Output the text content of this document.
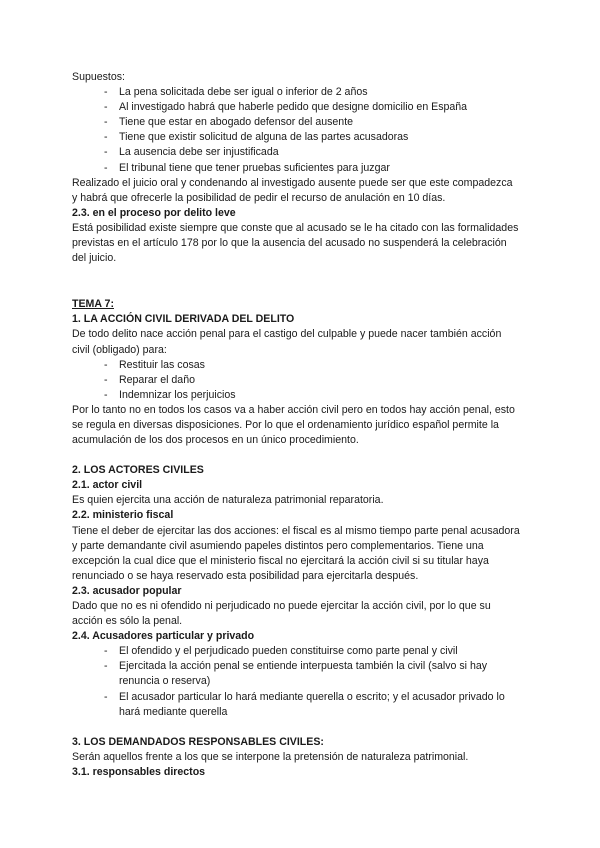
Supuestos:

- La pena solicitada debe ser igual o inferior de 2 años
- Al investigado habrá que haberle pedido que designe domicilio en España
- Tiene que estar en abogado defensor del ausente
- Tiene que existir solicitud de alguna de las partes acusadoras
- La ausencia debe ser injustificada
- El tribunal tiene que tener pruebas suficientes para juzgar

Realizado el juicio oral y condenando al investigado ausente puede ser que este compadezca y habrá que ofrecerle la posibilidad de pedir el recurso de anulación en 10 días.

2.3. en el proceso por delito leve

Está posibilidad existe siempre que conste que al acusado se le ha citado con las formalidades previstas en el artículo 178 por lo que la ausencia del acusado no suspenderá la celebración del juicio.

TEMA 7:

1. LA ACCIÓN CIVIL DERIVADA DEL DELITO

De todo delito nace acción penal para el castigo del culpable y puede nacer también acción civil (obligado) para:

- Restituir las cosas
- Reparar el daño
- Indemnizar los perjuicios

Por lo tanto no en todos los casos va a haber acción civil pero en todos hay acción penal, esto se regula en diversas disposiciones. Por lo que el ordenamiento jurídico español permite la acumulación de los dos procesos en un único procedimiento.

2. LOS ACTORES CIVILES

2.1. actor civil

Es quien ejercita una acción de naturaleza patrimonial reparatoria.

2.2. ministerio fiscal

Tiene el deber de ejercitar las dos acciones: el fiscal es al mismo tiempo parte penal acusadora y parte demandante civil asumiendo papeles distintos pero complementarios. Tiene una excepción la cual dice que el ministerio fiscal no ejercitará la acción civil si su titular haya renunciado o se haya reservado esta posibilidad para ejercitarla después.

2.3. acusador popular

Dado que no es ni ofendido ni perjudicado no puede ejercitar la acción civil, por lo que su acción es sólo la penal.

2.4. Acusadores particular y privado

- El ofendido y el perjudicado pueden constituirse como parte penal y civil
- Ejercitada la acción penal se entiende interpuesta también la civil (salvo si hay renuncia o reserva)
- El acusador particular lo hará mediante querella o escrito; y el acusador privado lo hará mediante querella

3. LOS DEMANDADOS RESPONSABLES CIVILES:

Serán aquellos frente a los que se interpone la pretensión de naturaleza patrimonial.

3.1. responsables directos
